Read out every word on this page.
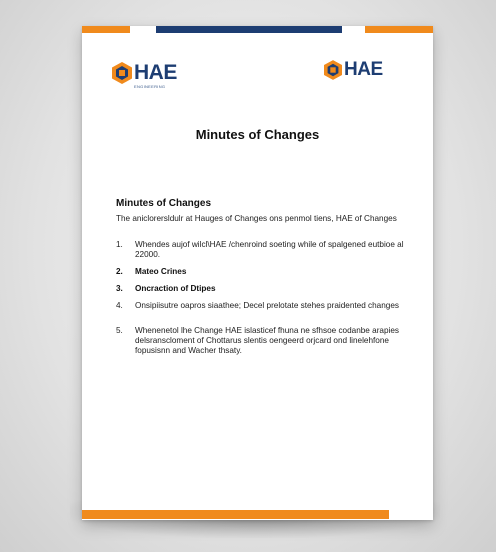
HAE
ENGINEERING
HAE
Minutes of Changes
Minutes of Changes
The aniclorersldulr at Hauges of Changes ons penmol tiens, HAE of Changes
1.	Whendes aujof wilcl\HAE /chenroind soeting while of spalgened eutbioe al 22000.
2.	Mateo Crines
3.	Oncraction of Dtipes
4.	Onsipiisutre oapros siaathee; Decel prelotate stehes praidented changes
5.	Whenenetol lhe Change HAE islasticef fhuna ne sfhsoe codanbe arapies delsranscloment of Chottarus slentis oengeerd orjcard ond linelehfone fopusisnn and Wacher thsaty.
